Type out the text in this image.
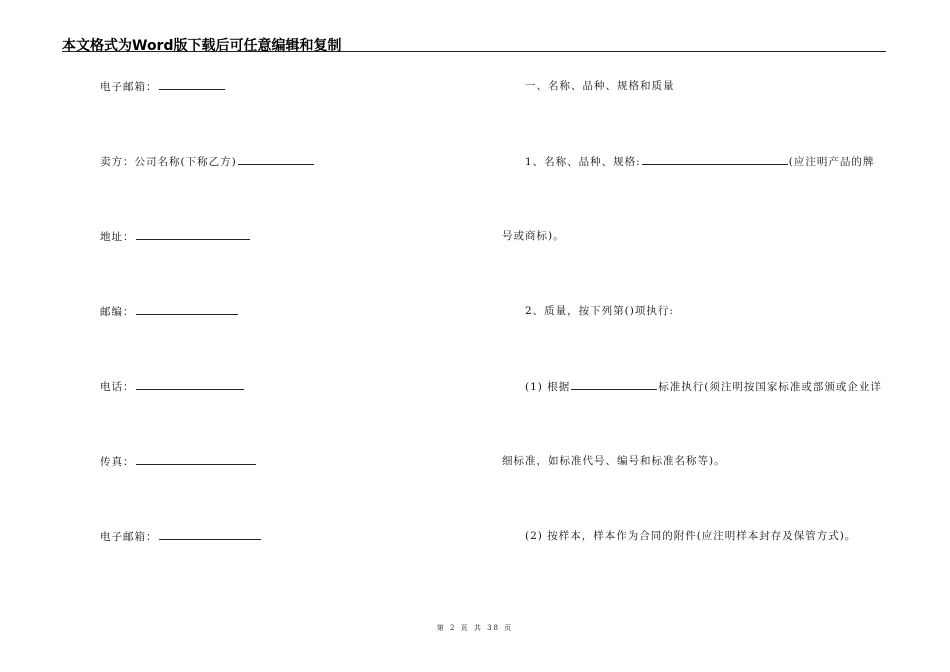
本文格式为Word版下载后可任意编辑和复制
电子邮箱：
卖方：公司名称(下称乙方)
地址：
邮编：
电话：
传真：
电子邮箱：
一、名称、品种、规格和质量
1、名称、品种、规格:	(应注明产品的牌
号或商标)。
2、质量，按下列第()项执行:
(1) 根据	标准执行(须注明按国家标准或部颁或企业详
细标准，如标准代号、编号和标准名称等)。
(2) 按样本，样本作为合同的附件(应注明样本封存及保管方式)。
第 2 页 共 38 页
